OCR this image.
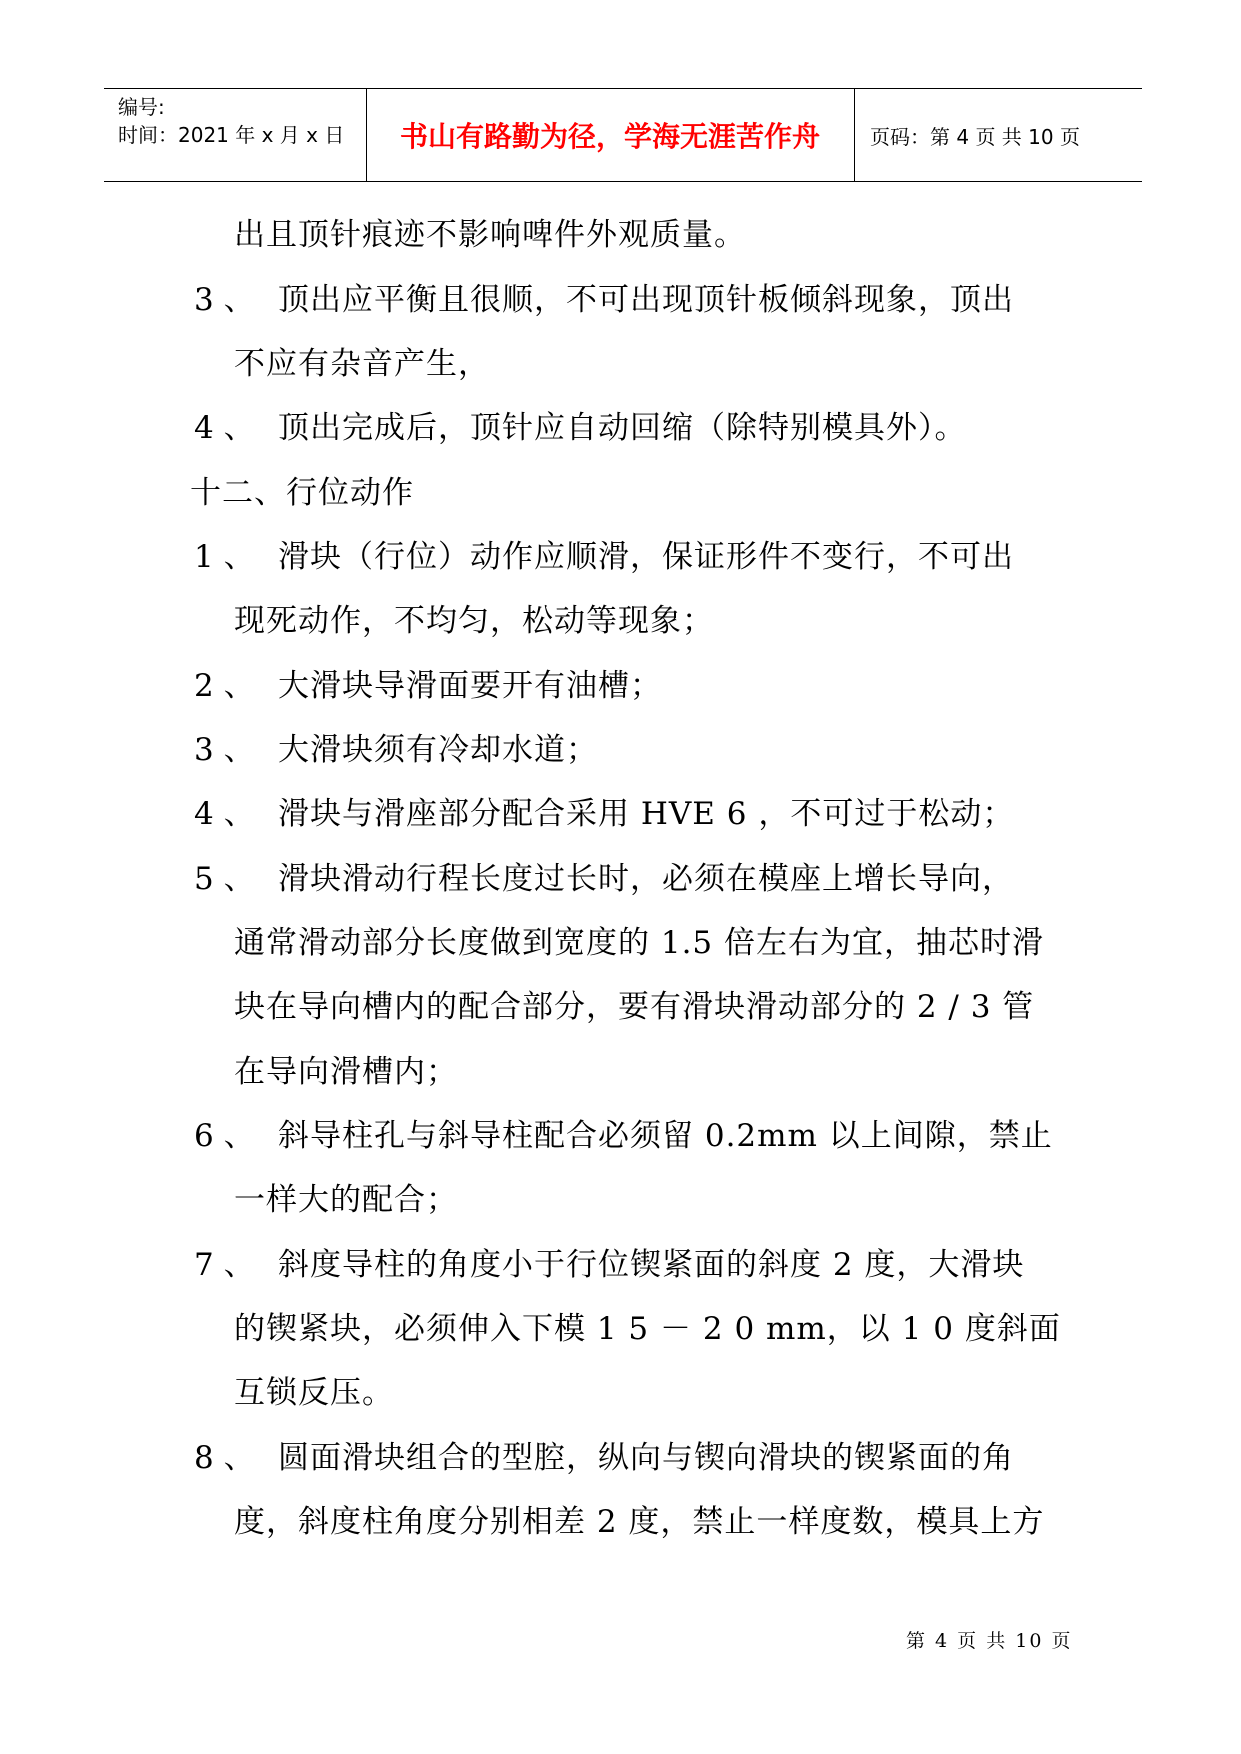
编号:
时间：2021 年 x 月 x 日	书山有路勤为径，学海无涯苦作舟	页码：第 4 页 共 10 页
出且顶针痕迹不影响啤件外观质量。
3 、 顶出应平衡且很顺，不可出现顶针板倾斜现象，顶出
不应有杂音产生，
4 、 顶出完成后，顶针应自动回缩（除特别模具外）。
十二、行位动作
1 、 滑块（行位）动作应顺滑，保证形件不变行，不可出
现死动作，不均匀，松动等现象；
2 、 大滑块导滑面要开有油槽；
3 、 大滑块须有冷却水道；
4 、 滑块与滑座部分配合采用 HVE 6 ，不可过于松动；
5 、 滑块滑动行程长度过长时，必须在模座上增长导向，
通常滑动部分长度做到宽度的 1.5 倍左右为宜，抽芯时滑
块在导向槽内的配合部分，要有滑块滑动部分的 2 / 3 管
在导向滑槽内；
6 、 斜导柱孔与斜导柱配合必须留 0.2mm 以上间隙，禁止
一样大的配合；
7 、 斜度导柱的角度小于行位锲紧面的斜度 2 度，大滑块
的锲紧块，必须伸入下模 1 5 － 2 0 mm，以 1 0 度斜面
互锁反压。
8 、 圆面滑块组合的型腔，纵向与锲向滑块的锲紧面的角
度，斜度柱角度分别相差 2 度，禁止一样度数，模具上方
第 4 页 共 10 页
